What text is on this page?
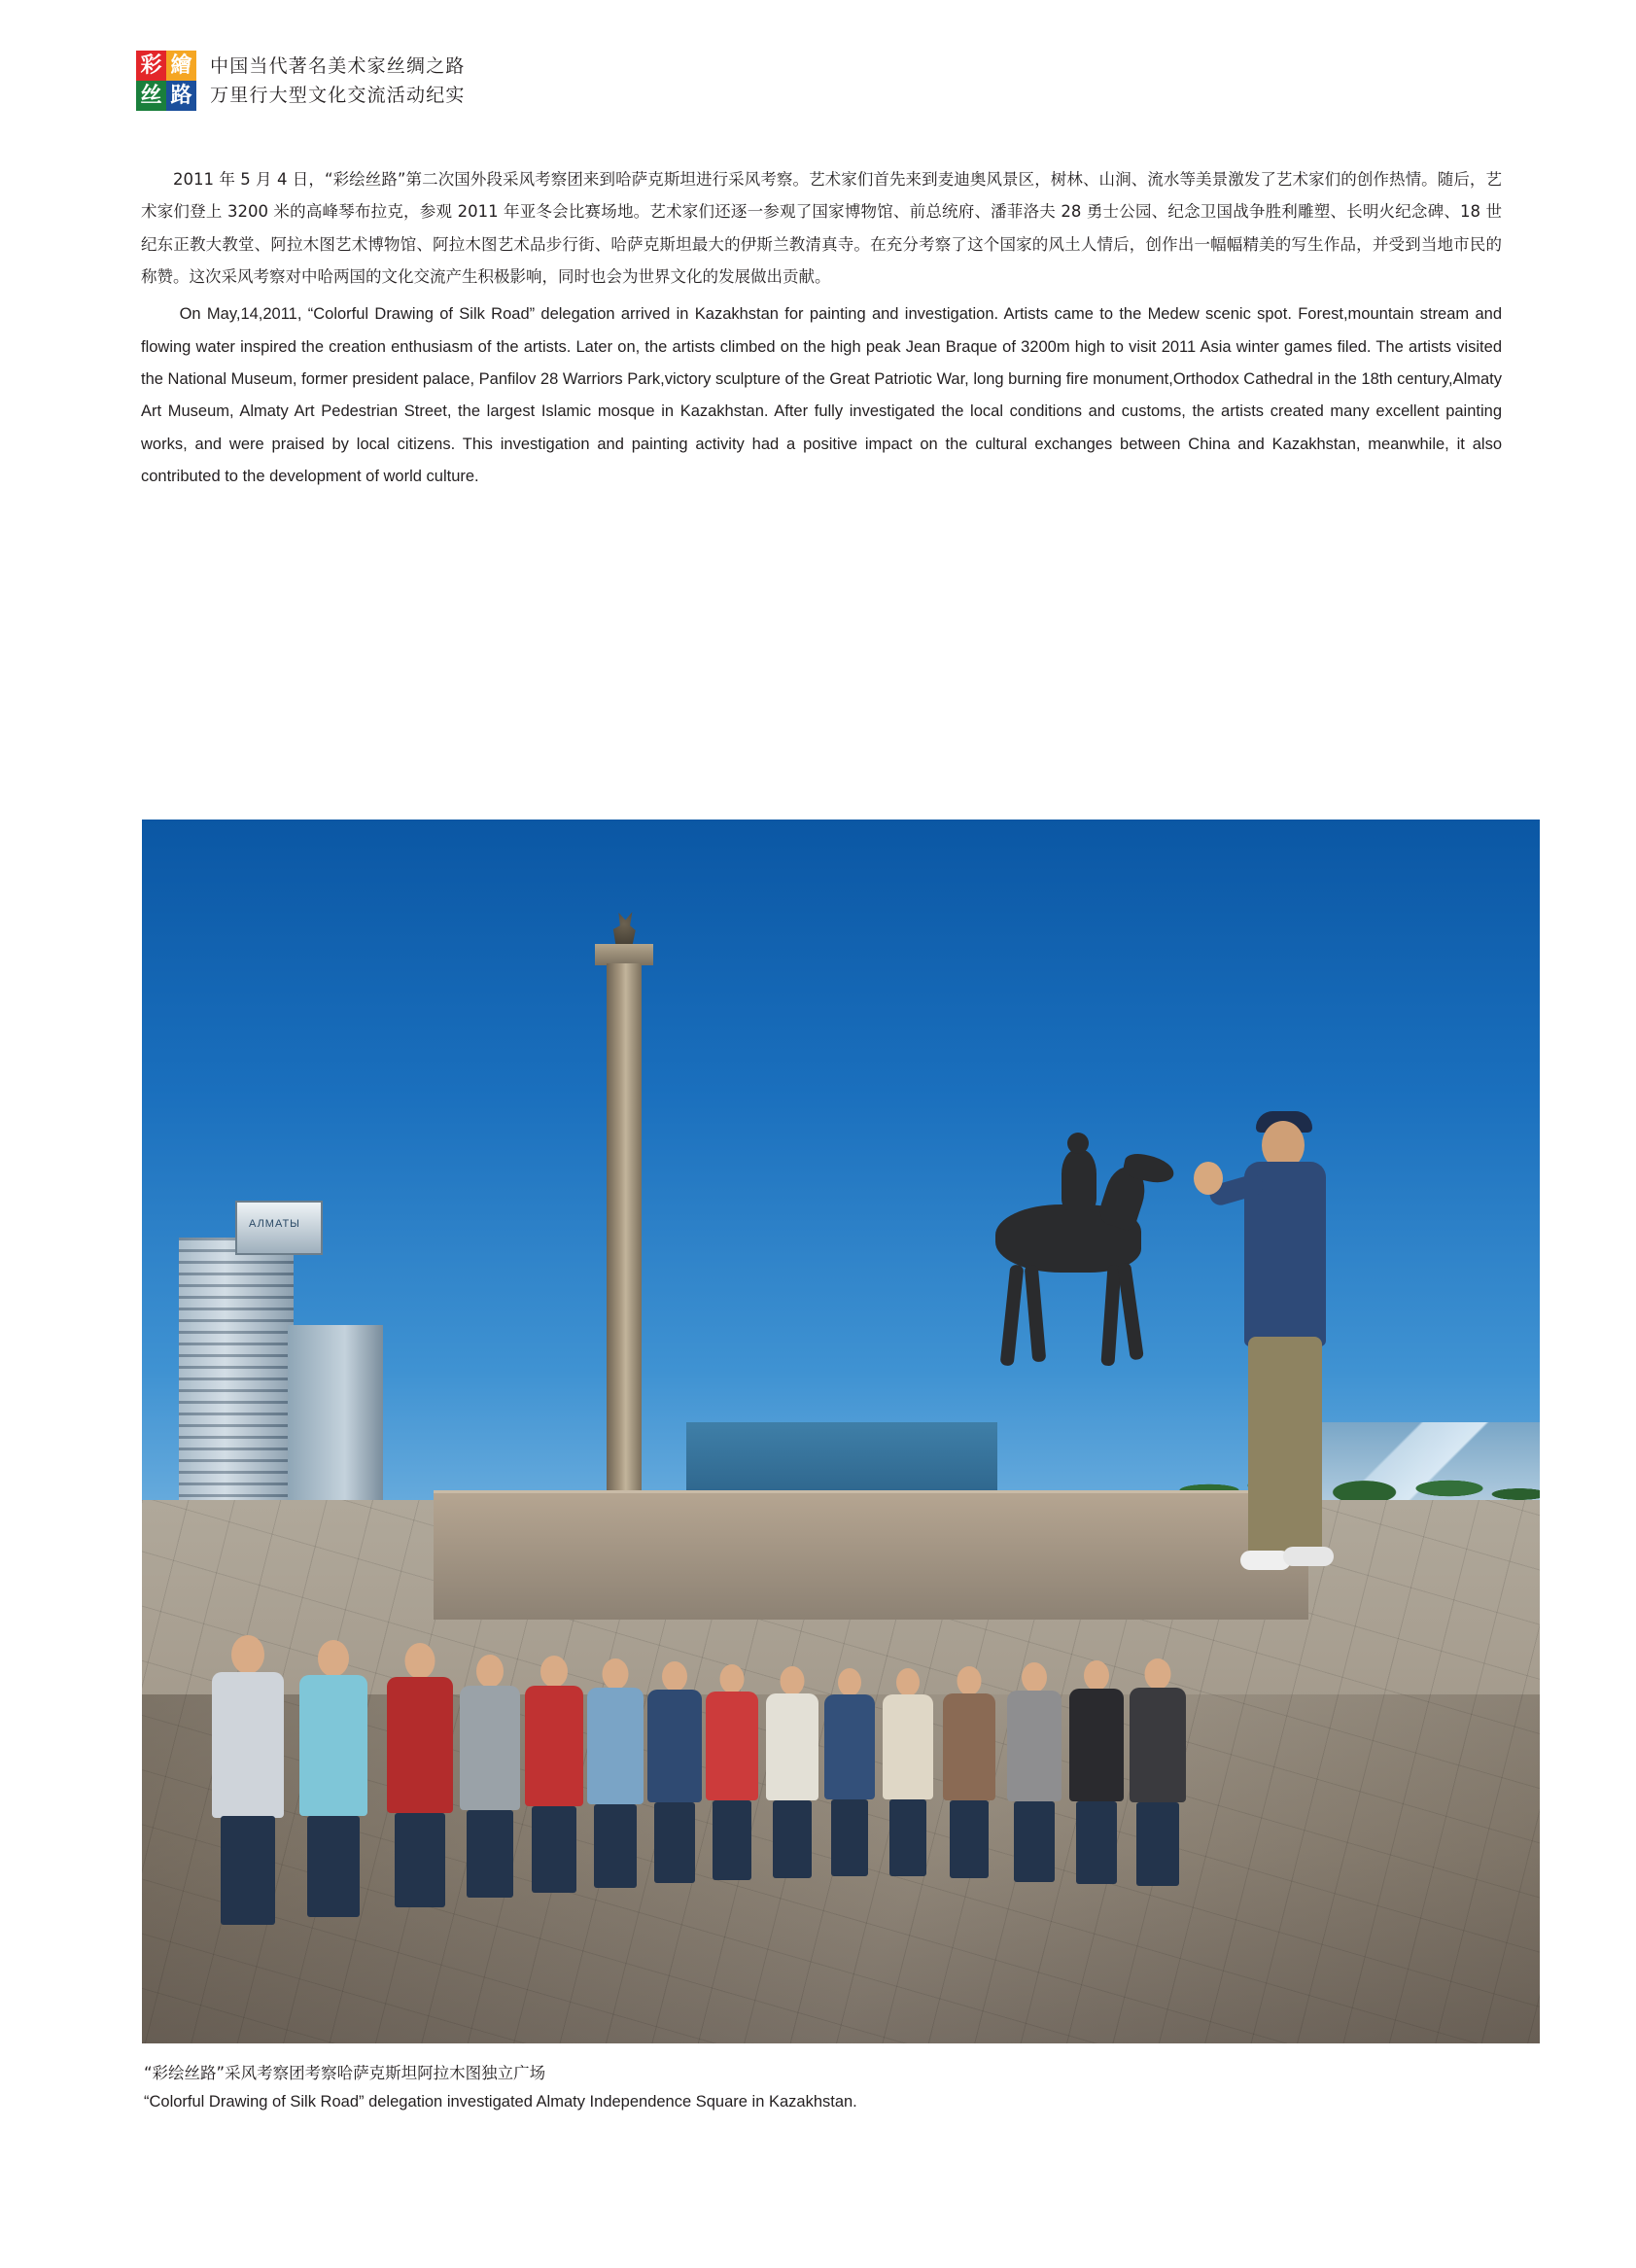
彩 繪
丝 路
中国当代著名美术家丝绸之路
万里行大型文化交流活动纪实

2011 年 5 月 4 日，“彩绘丝路”第二次国外段采风考察团来到哈萨克斯坦进行采风考察。艺术家们首先来到麦迪奥风景区，树林、山涧、流水等美景激发了艺术家们的创作热情。随后，艺术家们登上 3200 米的高峰琴布拉克，参观 2011 年亚冬会比赛场地。艺术家们还逐一参观了国家博物馆、前总统府、潘菲洛夫 28 勇士公园、纪念卫国战争胜利雕塑、长明火纪念碑、18 世纪东正教大教堂、阿拉木图艺术博物馆、阿拉木图艺术品步行街、哈萨克斯坦最大的伊斯兰教清真寺。在充分考察了这个国家的风土人情后，创作出一幅幅精美的写生作品，并受到当地市民的称赞。这次采风考察对中哈两国的文化交流产生积极影响，同时也会为世界文化的发展做出贡献。

On May,14,2011, “Colorful Drawing of Silk Road” delegation arrived in Kazakhstan for painting and investigation. Artists came to the Medew scenic spot. Forest,mountain stream and flowing water inspired the creation enthusiasm of the artists. Later on, the artists climbed on the high peak Jean Braque of 3200m high to visit 2011 Asia winter games filed. The artists visited the National Museum, former president palace, Panfilov 28 Warriors Park,victory sculpture of the Great Patriotic War, long burning fire monument,Orthodox Cathedral in the 18th century,Almaty Art Museum, Almaty Art Pedestrian Street, the largest Islamic mosque in Kazakhstan. After fully investigated the local conditions and customs, the artists created many excellent painting works, and were praised by local citizens. This investigation and painting activity had a positive impact on the cultural exchanges between China and Kazakhstan, meanwhile, it also contributed to the development of world culture.

АЛМАТЫ

“彩绘丝路”采风考察团考察哈萨克斯坦阿拉木图独立广场

“Colorful Drawing of Silk Road” delegation investigated Almaty Independence Square in Kazakhstan.
